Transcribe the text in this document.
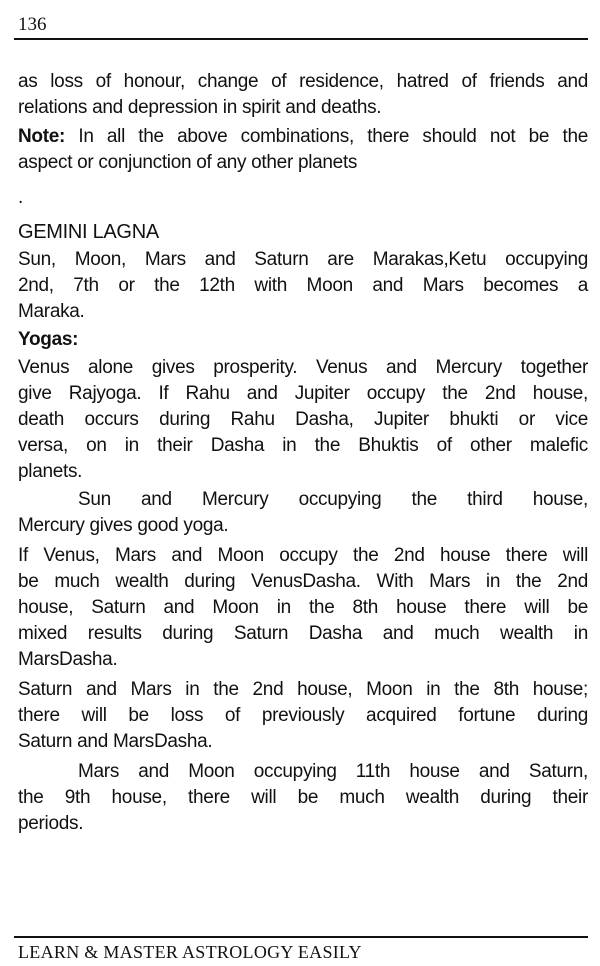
136
as loss of honour, change of residence, hatred of friends and
relations and depression in spirit and deaths.
Note: In all the above combinations, there should not be the
aspect or conjunction of any other planets
.
GEMINI LAGNA
Sun, Moon, Mars and Saturn are Marakas,Ketu occupying
2nd, 7th or the 12th with Moon and Mars becomes a
Maraka.
Yogas:
Venus alone gives prosperity. Venus and Mercury together
give Rajyoga. If Rahu and Jupiter occupy the 2nd house,
death occurs during Rahu Dasha, Jupiter bhukti or vice
versa, on in their Dasha in the Bhuktis of other malefic
planets.
Sun and Mercury occupying the third house,
Mercury gives good yoga.
If Venus, Mars and Moon occupy the 2nd house there will
be much wealth during VenusDasha. With Mars in the 2nd
house, Saturn and Moon in the 8th house there will be
mixed results during Saturn Dasha and much wealth in
MarsDasha.
Saturn and Mars in the 2nd house, Moon in the 8th house;
there will be loss of previously acquired fortune during
Saturn and MarsDasha.
Mars and Moon occupying 11th house and Saturn,
the 9th house, there will be much wealth during their
periods.
LEARN & MASTER ASTROLOGY EASILY
